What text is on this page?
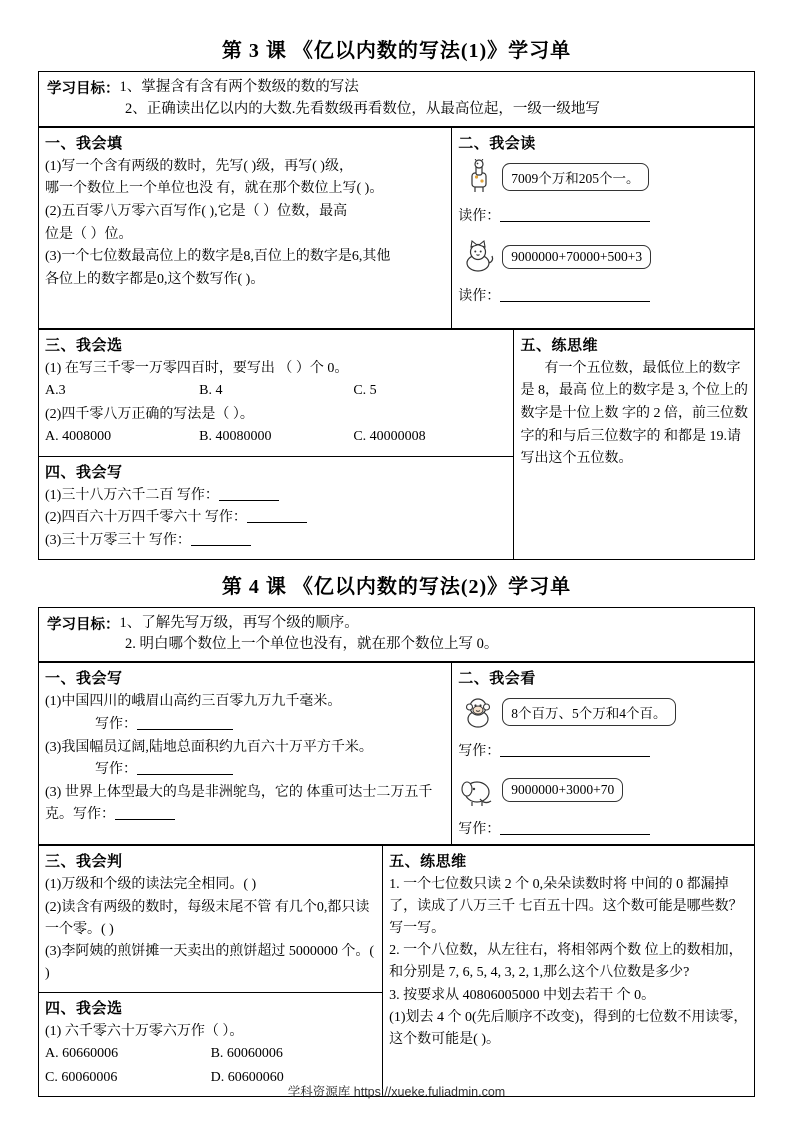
第 3 课 《亿以内数的写法(1)》学习单
学习目标： 1、掌握含有含有两个数级的数的写法
2、正确读出亿以内的大数.先看数级再看数位，从最高位起，一级一级地写
一、我会填
(1)写一个含有两级的数时，先写( )级，再写( )级，
哪一个数位上一个单位也没 有，就在那个数位上写( )。
(2)五百零八万零六百写作( ),它是（ ）位数，最高
位是（ ）位。
(3)一个七位数最高位上的数字是8,百位上的数字是6,其他
各位上的数字都是0,这个数写作( )。

二、我会读
7009个万和205个一。
读作：
9000000+70000+500+3
读作：
三、我会选
(1) 在写三千零一万零四百时，要写出 （ ）个 0。
A.3	B. 4	C. 5
(2)四千零八万正确的写法是（ ）。
A. 4008000	B. 40080000	C. 40000008

五、练思维
有一个五位数，最低位上的数字是 8，最高 位上的数字是 3, 个位上的数字是十位上数 字的 2 倍，前三位数字的和与后三位数字的 和都是 19.请写出这个五位数。

四、我会写
(1)三十八万六千二百 写作：
(2)四百六十万四千零六十 写作：
(3)三十万零三十 写作：
第 4 课 《亿以内数的写法(2)》学习单
学习目标： 1、了解先写万级，再写个级的顺序。
2. 明白哪个数位上一个单位也没有，就在那个数位上写 0。
一、我会写
(1)中国四川的峨眉山高约三百零九万九千毫米。
写作：
(3)我国幅员辽阔,陆地总面积约九百六十万平方千米。
写作：
(3) 世界上体型最大的鸟是非洲鸵鸟，它的 体重可达士二万五千克。写作：

二、我会看
8个百万、5个万和4个百。
写作：
9000000+3000+70
写作：
三、我会判
(1)万级和个级的读法完全相同。( )
(2)读含有两级的数时，每级末尾不管 有几个0,都只读一个零。( )
(3)李阿姨的煎饼摊一天卖出的煎饼超过 5000000 个。( )

五、练思维
1. 一个七位数只读 2 个 0,朵朵读数时将 中间的 0 都漏掉了，读成了八万三千 七百五十四。这个数可能是哪些数？写一写。
2. 一个八位数，从左往右，将相邻两个数 位上的数相加，和分别是 7, 6, 5, 4, 3, 2, 1,那么这个八位数是多少?
3. 按要求从 40806005000 中划去若干 个 0。
(1)划去 4 个 0(先后顺序不改变)，得到的七位数不用读零，这个数可能是( )。

四、我会选
(1) 六千零六十万零六万作（ ）。
A. 60660006	B. 60060006
C. 60060006	D. 60600060
学科资源库 https://xueke.fuliadmin.com
